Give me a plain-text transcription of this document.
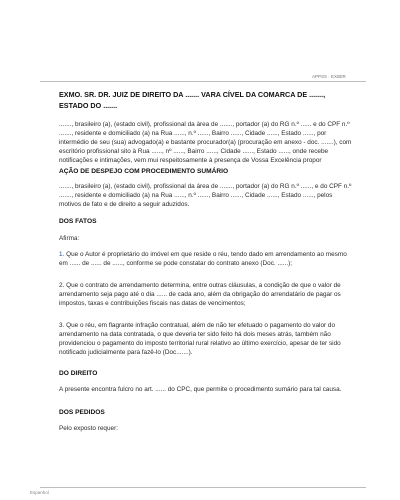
APPSS · EXIBIR
EXMO. SR. DR. JUIZ DE DIREITO DA ....... VARA CÍVEL DA COMARCA DE ......., ESTADO DO .......

......., brasileiro (a), (estado civil), profissional da área de ......., portador (a) do RG n.º ...... e do CPF n.º ......., residente e domiciliado (a) na Rua ......, n.º ......, Bairro ......, Cidade ......, Estado ......, por intermédio de seu (sua) advogado(a) e bastante procurador(a) (procuração em anexo - doc. .......), com escritório profissional sito à Rua ......, nº ......, Bairro ......, Cidade ......, Estado ......, onde recebe notificações e intimações, vem mui respeitosamente à presença de Vossa Excelência propor

AÇÃO DE DESPEJO COM PROCEDIMENTO SUMÁRIO

......., brasileiro (a), (estado civil), profissional da área de ......., portador (a) do RG n.º ......, e do CPF n.º ......., residente e domiciliado (a) na Rua ......, n.º ......, Bairro ......, Cidade ......, Estado ......, pelos motivos de fato e de direito a seguir aduzidos.

DOS FATOS

Afirma:

1. Que o Autor é proprietário do imóvel em que reside o réu, tendo dado em arrendamento ao mesmo em ...... de ...... de ......, conforme se pode constatar do contrato anexo (Doc. ......);

2. Que o contrato de arrendamento determina, entre outras cláusulas, a condição de que o valor de arrendamento seja pago até o dia ...... de cada ano, além da obrigação do arrendatário de pagar os impostos, taxas e contribuições fiscais nas datas de vencimentos;

3. Que o réu, em flagrante infração contratual, além de não ter efetuado o pagamento do valor do arrendamento na data contratada, o que deveria ter sido feito há dois meses atrás, também não providenciou o pagamento do imposto territorial rural relativo ao último exercício, apesar de ter sido notificado judicialmente para fazê-lo (Doc.......).

DO DIREITO

A presente encontra fulcro no art. ...... do CPC, que permite o procedimento sumário para tal causa.

DOS PEDIDOS

Pelo exposto requer:

Espanhol
